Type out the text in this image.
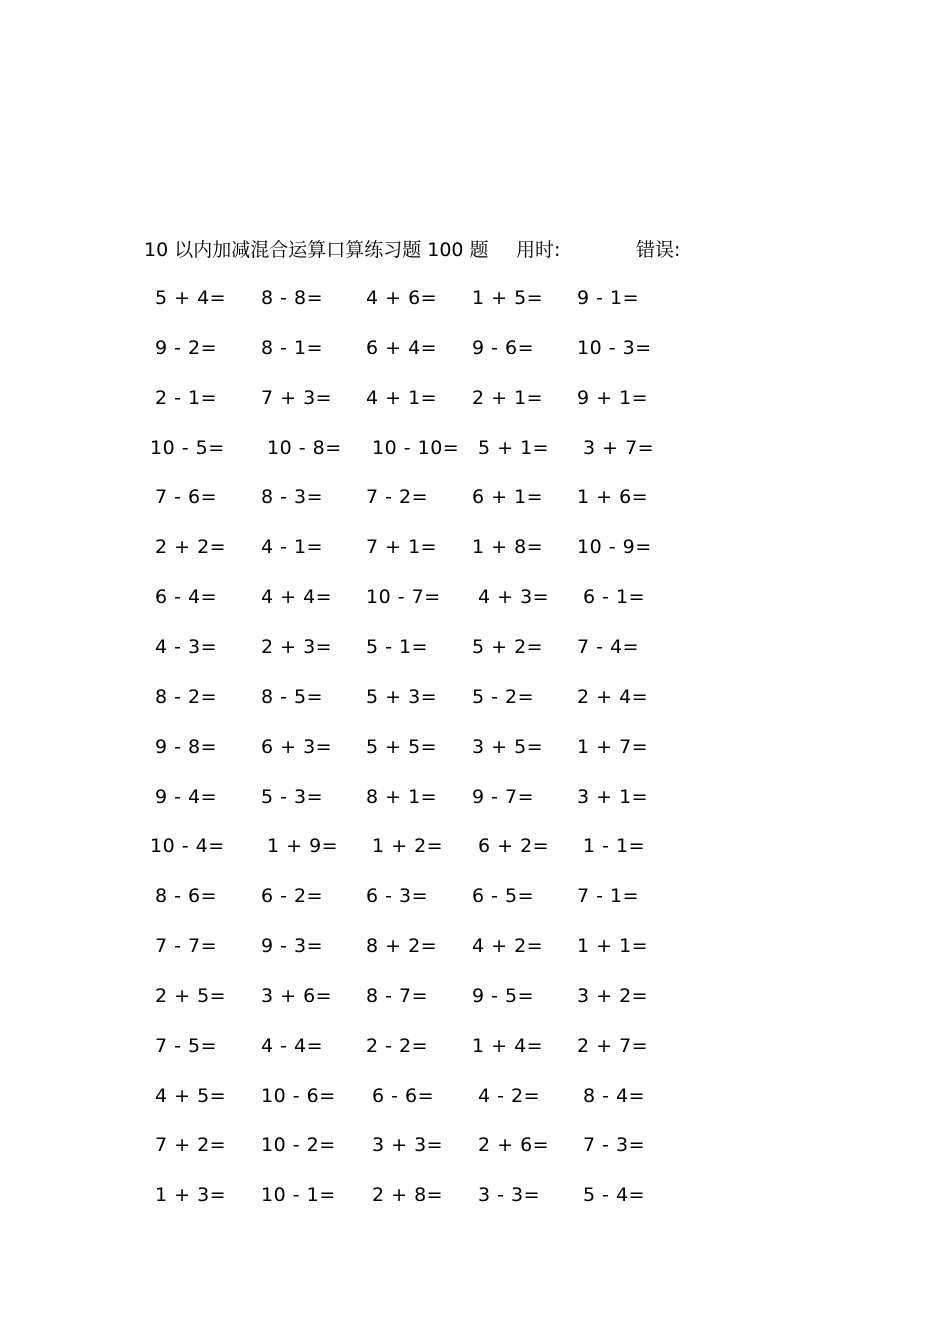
10 以内加减混合运算口算练习题 100 题 用时:	错误:
5 + 4= 8 - 8= 4 + 6= 1 + 5= 9 - 1=
9 - 2= 8 - 1= 6 + 4= 9 - 6= 10 - 3=
2 - 1= 7 + 3= 4 + 1= 2 + 1= 9 + 1=
10 - 5= 10 - 8= 10 - 10= 5 + 1= 3 + 7=
7 - 6= 8 - 3= 7 - 2= 6 + 1= 1 + 6=
2 + 2= 4 - 1= 7 + 1= 1 + 8= 10 - 9=
6 - 4= 4 + 4= 10 - 7= 4 + 3= 6 - 1=
4 - 3= 2 + 3= 5 - 1= 5 + 2= 7 - 4=
8 - 2= 8 - 5= 5 + 3= 5 - 2= 2 + 4=
9 - 8= 6 + 3= 5 + 5= 3 + 5= 1 + 7=
9 - 4= 5 - 3= 8 + 1= 9 - 7= 3 + 1=
10 - 4= 1 + 9= 1 + 2= 6 + 2= 1 - 1=
8 - 6= 6 - 2= 6 - 3= 6 - 5= 7 - 1=
7 - 7= 9 - 3= 8 + 2= 4 + 2= 1 + 1=
2 + 5= 3 + 6= 8 - 7= 9 - 5= 3 + 2=
7 - 5= 4 - 4= 2 - 2= 1 + 4= 2 + 7=
4 + 5= 10 - 6= 6 - 6= 4 - 2= 8 - 4=
7 + 2= 10 - 2= 3 + 3= 2 + 6= 7 - 3=
1 + 3= 10 - 1= 2 + 8= 3 - 3= 5 - 4=
